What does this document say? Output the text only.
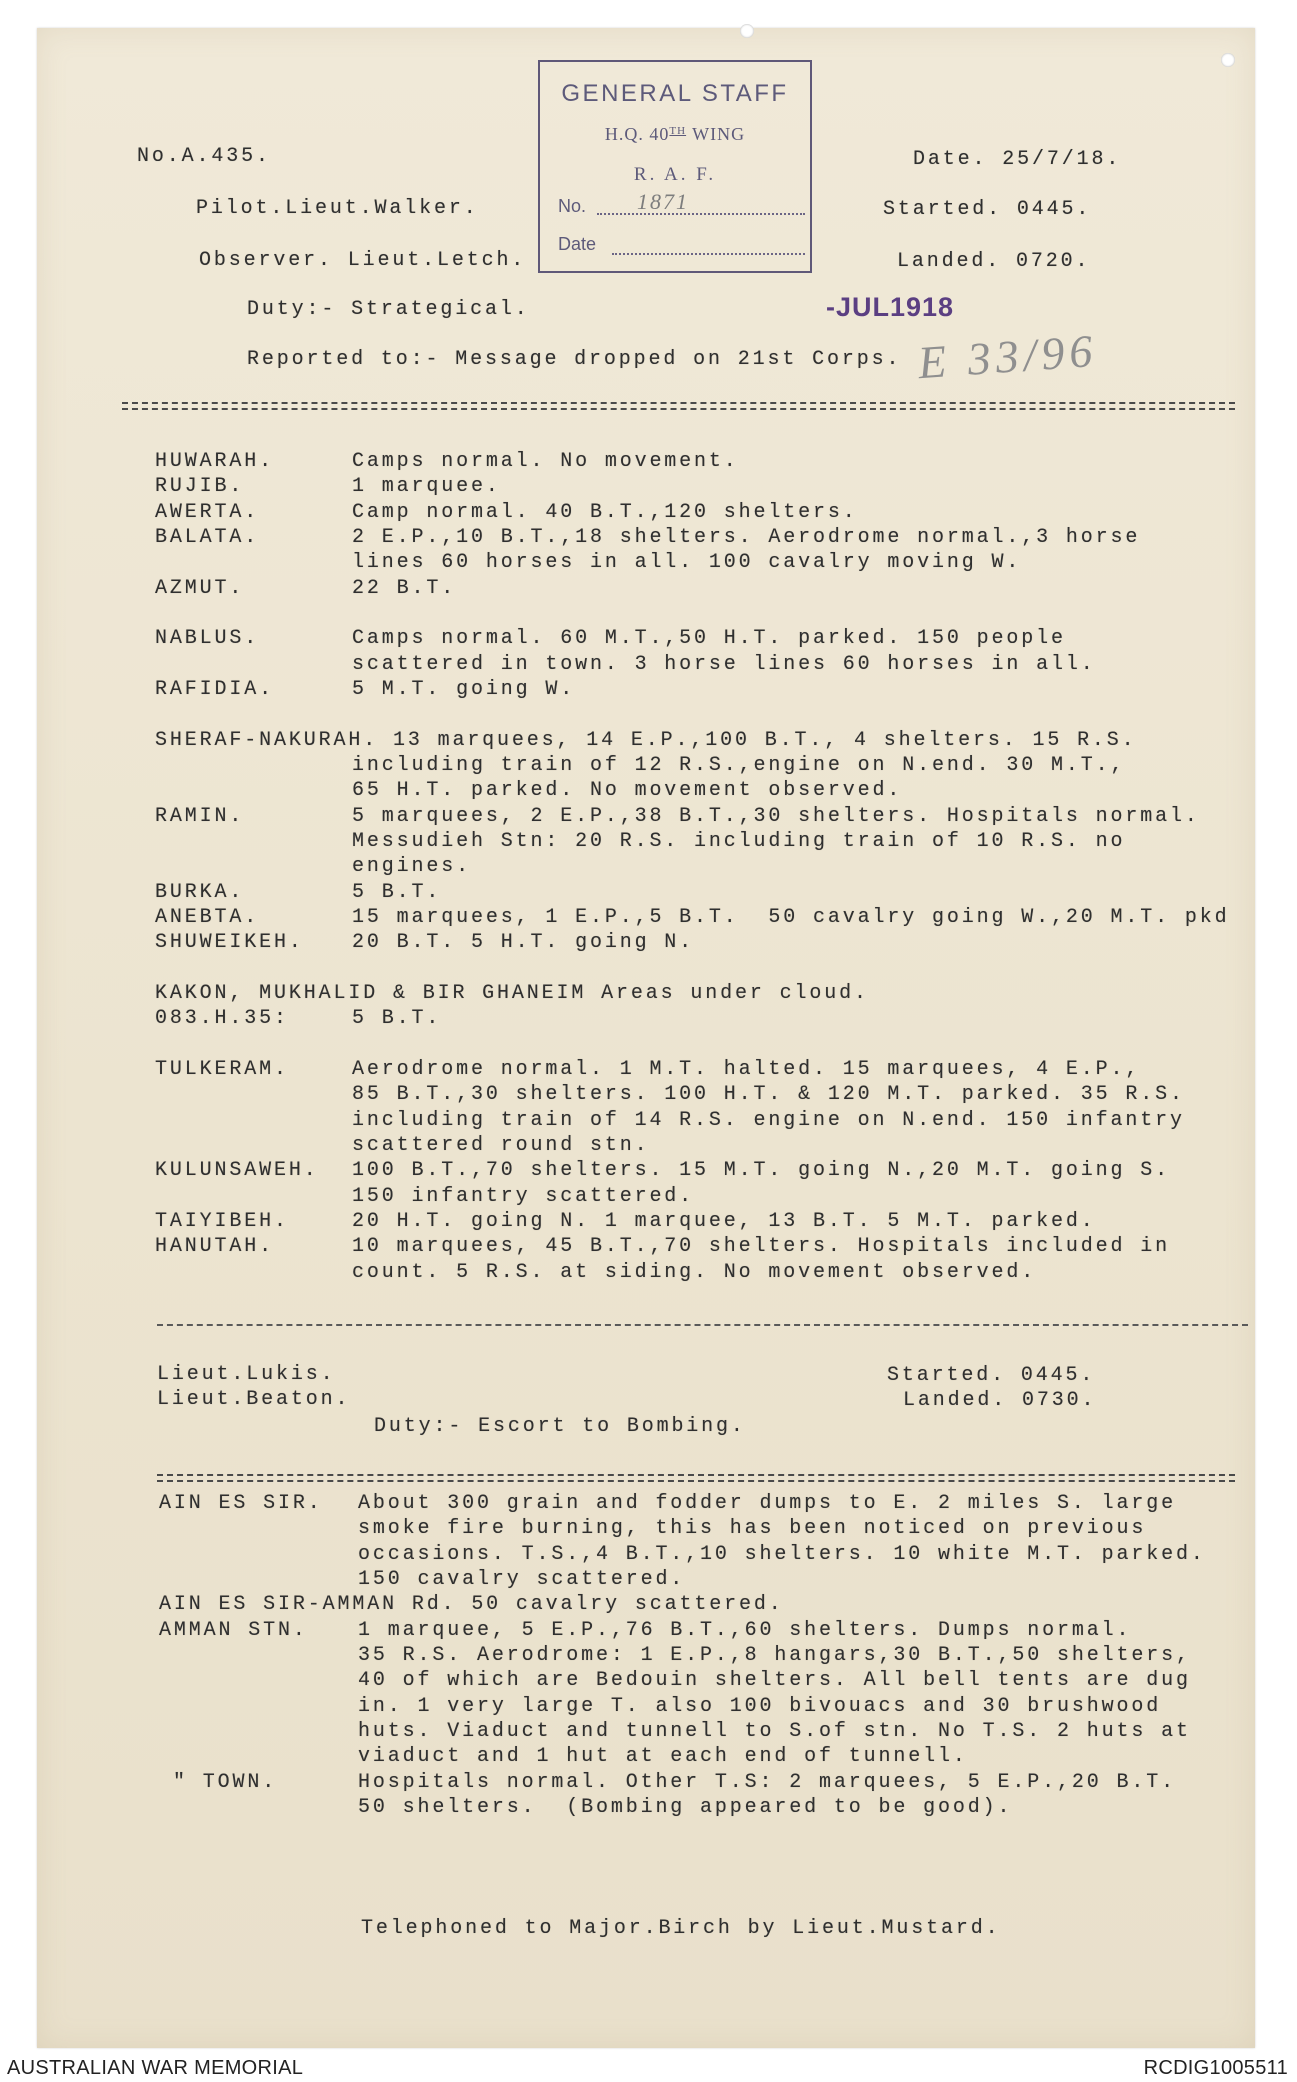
No.A.435.
Pilot.Lieut.Walker.
Observer. Lieut.Letch.
Duty:- Strategical.
Reported to:- Message dropped on 21st Corps.
Date. 25/7/18.
Started. 0445.
Landed. 0720.
GENERAL STAFF
H.Q. 40TH WING
R. A. F.
No. 1871
Date
-JUL1918
E 33/96
HUWARAH.	Camps normal. No movement.
RUJIB.	1 marquee.
AWERTA.	Camp normal. 40 B.T.,120 shelters.
BALATA.	2 E.P.,10 B.T.,18 shelters. Aerodrome normal.,3 horse
lines 60 horses in all. 100 cavalry moving W.
AZMUT.	22 B.T.
NABLUS.	Camps normal. 60 M.T.,50 H.T. parked. 150 people
scattered in town. 3 horse lines 60 horses in all.
RAFIDIA.	5 M.T. going W.
SHERAF-NAKURAH. 13 marquees, 14 E.P.,100 B.T., 4 shelters. 15 R.S.
including train of 12 R.S.,engine on N.end. 30 M.T.,
65 H.T. parked. No movement observed.
RAMIN.	5 marquees, 2 E.P.,38 B.T.,30 shelters. Hospitals normal.
Messudieh Stn: 20 R.S. including train of 10 R.S. no
engines.
BURKA.	5 B.T.
ANEBTA.	15 marquees, 1 E.P.,5 B.T.  50 cavalry going W.,20 M.T. pkd
SHUWEIKEH. 20 B.T. 5 H.T. going N.
KAKON, MUKHALID & BIR GHANEIM Areas under cloud.
083.H.35:	5 B.T.
TULKERAM.	Aerodrome normal. 1 M.T. halted. 15 marquees, 4 E.P.,
85 B.T.,30 shelters. 100 H.T. & 120 M.T. parked. 35 R.S.
including train of 14 R.S. engine on N.end. 150 infantry
scattered round stn.
KULUNSAWEH. 100 B.T.,70 shelters. 15 M.T. going N.,20 M.T. going S.
150 infantry scattered.
TAIYIBEH.	20 H.T. going N. 1 marquee, 13 B.T. 5 M.T. parked.
HANUTAH.	10 marquees, 45 B.T.,70 shelters. Hospitals included in
count. 5 R.S. at siding. No movement observed.
Lieut.Lukis.
Lieut.Beaton.
Duty:- Escort to Bombing.
Started. 0445.
Landed. 0730.
AIN ES SIR. About 300 grain and fodder dumps to E. 2 miles S. large
smoke fire burning, this has been noticed on previous
occasions. T.S.,4 B.T.,10 shelters. 10 white M.T. parked.
150 cavalry scattered.
AIN ES SIR-AMMAN Rd. 50 cavalry scattered.
AMMAN STN.	1 marquee, 5 E.P.,76 B.T.,60 shelters. Dumps normal.
35 R.S. Aerodrome: 1 E.P.,8 hangars,30 B.T.,50 shelters,
40 of which are Bedouin shelters. All bell tents are dug
in. 1 very large T. also 100 bivouacs and 30 brushwood
huts. Viaduct and tunnell to S.of stn. No T.S. 2 huts at
viaduct and 1 hut at each end of tunnell.
" TOWN.	Hospitals normal. Other T.S: 2 marquees, 5 E.P.,20 B.T.
50 shelters.  (Bombing appeared to be good).
Telephoned to Major.Birch by Lieut.Mustard.
AUSTRALIAN WAR MEMORIAL	RCDIG1005511
